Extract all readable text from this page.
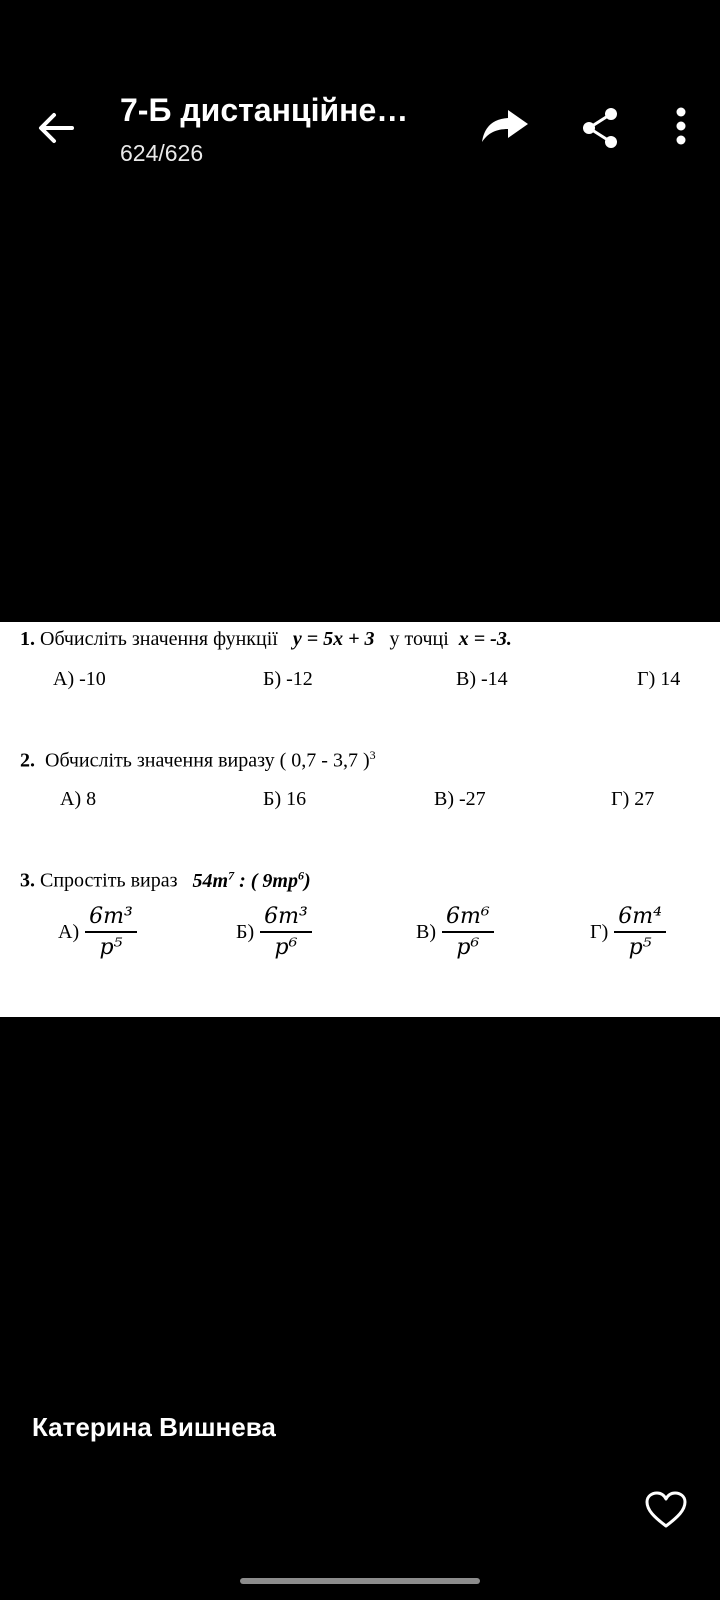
7-Б дистанційне…
624/626
1. Обчисліть значення функції y = 5x + 3 у точці x = -3.
А) -10	Б) -12	В) -14	Г) 14
2. Обчисліть значення виразу ( 0,7 - 3,7 )$^3$
А) 8	Б) 16	В) -27	Г) 27
3. Спростіть вираз $54m^7$ : ( $9mp^6$)
$А) \frac{\text{6m³}}{\text{p⁵}}$	$Б) \frac{\text{6m³}}{\text{p⁶}}$	$В) \frac{\text{6m⁶}}{\text{p⁶}}$	$Г) \frac{\text{6m⁴}}{\text{p⁵}}$
Катерина Вишнева
